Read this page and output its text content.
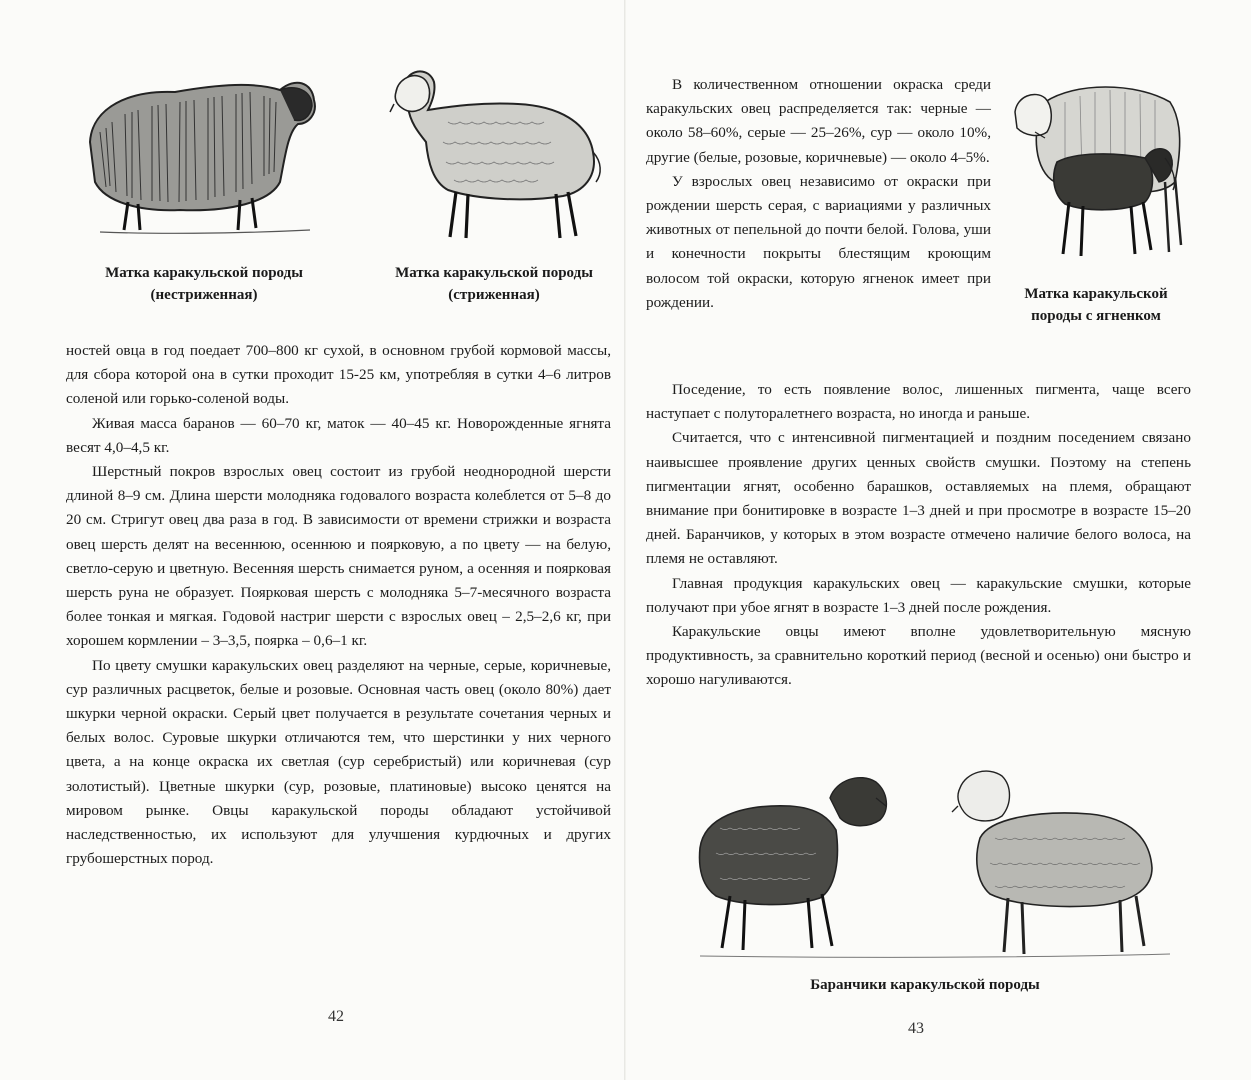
Матка каракульской породы
(нестриженная)
Матка каракульской породы
(стриженная)

ностей овца в год поедает 700–800 кг сухой, в основном грубой кормовой массы, для сбора которой она в сутки проходит 15-25 км, употребляя в сутки 4–6 литров соленой или горько-соленой воды.

Живая масса баранов — 60–70 кг, маток — 40–45 кг. Новорожденные ягнята весят 4,0–4,5 кг.

Шерстный покров взрослых овец состоит из грубой неоднородной шерсти длиной 8–9 см. Длина шерсти молодняка годовалого возраста колеблется от 5–8 до 20 см. Стригут овец два раза в год. В зависимости от времени стрижки и возраста овец шерсть делят на весеннюю, осеннюю и поярковую, а по цвету — на белую, светло-серую и цветную. Весенняя шерсть снимается руном, а осенняя и поярковая шерсть руна не образует. Поярковая шерсть с молодняка 5–7-месячного возраста более тонкая и мягкая. Годовой настриг шерсти с взрослых овец – 2,5–2,6 кг, при хорошем кормлении – 3–3,5, поярка – 0,6–1 кг.

По цвету смушки каракульских овец разделяют на черные, серые, коричневые, сур различных расцветок, белые и розовые. Основная часть овец (около 80%) дает шкурки черной окраски. Серый цвет получается в результате сочетания черных и белых волос. Суровые шкурки отличаются тем, что шерстинки у них черного цвета, а на конце окраска их светлая (сур серебристый) или коричневая (сур золотистый). Цветные шкурки (сур, розовые, платиновые) высоко ценятся на мировом рынке. Овцы каракульской породы обладают устойчивой наследственностью, их используют для улучшения курдючных и других грубошерстных пород.

42

В количественном отношении окраска среди каракульских овец распределяется так: черные — около 58–60%, серые — 25–26%, сур — около 10%, другие (белые, розовые, коричневые) — около 4–5%.

У взрослых овец независимо от окраски при рождении шерсть серая, с вариациями у различных животных от пепельной до почти белой. Голова, уши и конечности покрыты блестящим кроющим волосом той окраски, которую ягненок имеет при рождении.	Матка каракульской
породы с ягненком

Поседение, то есть появление волос, лишенных пигмента, чаще всего наступает с полуторалетнего возраста, но иногда и раньше.

Считается, что с интенсивной пигментацией и поздним поседением связано наивысшее проявление других ценных свойств смушки. Поэтому на степень пигментации ягнят, особенно барашков, оставляемых на племя, обращают внимание при бонитировке в возрасте 1–3 дней и при просмотре в возрасте 15–20 дней. Баранчиков, у которых в этом возрасте отмечено наличие белого волоса, на племя не оставляют.

Главная продукция каракульских овец — каракульские смушки, которые получают при убое ягнят в возрасте 1–3 дней после рождения.

Каракульские овцы имеют вполне удовлетворительную мясную продуктивность, за сравнительно короткий период (весной и осенью) они быстро и хорошо нагуливаются.

Баранчики каракульской породы
43
